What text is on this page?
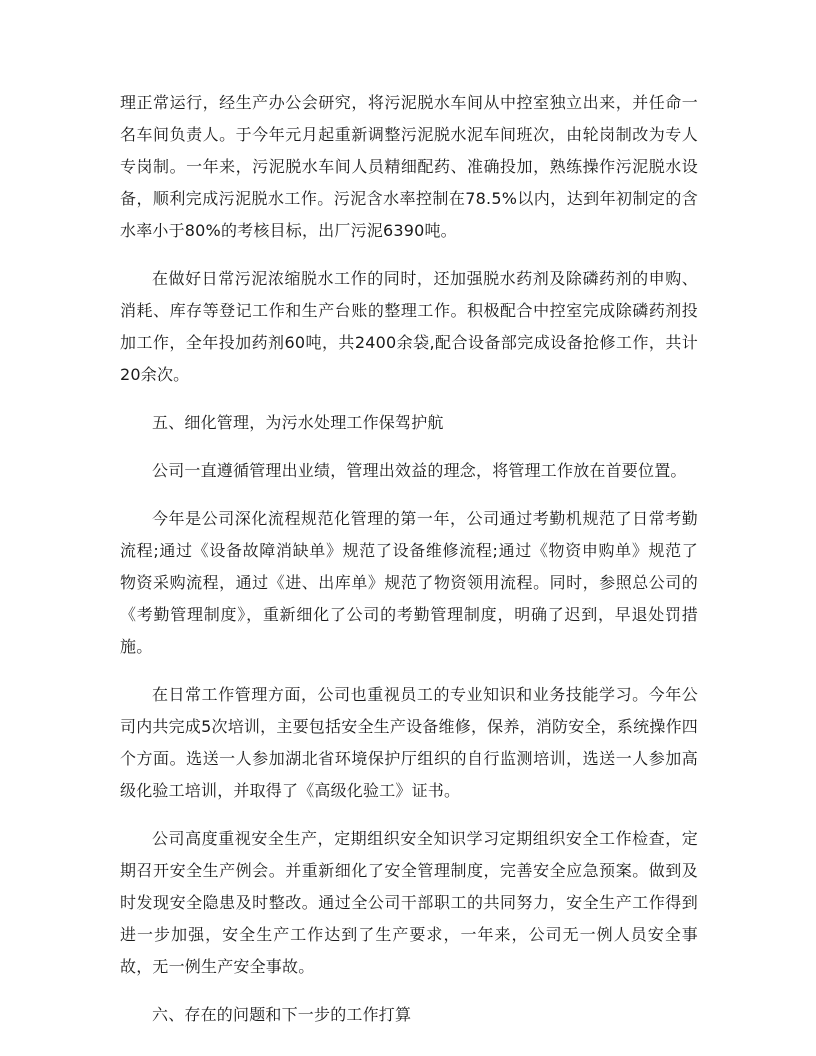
理正常运行，经生产办公会研究，将污泥脱水车间从中控室独立出来，并任命一名车间负责人。于今年元月起重新调整污泥脱水泥车间班次，由轮岗制改为专人专岗制。一年来，污泥脱水车间人员精细配药、准确投加，熟练操作污泥脱水设备，顺利完成污泥脱水工作。污泥含水率控制在78.5%以内，达到年初制定的含水率小于80%的考核目标，出厂污泥6390吨。

在做好日常污泥浓缩脱水工作的同时，还加强脱水药剂及除磷药剂的申购、消耗、库存等登记工作和生产台账的整理工作。积极配合中控室完成除磷药剂投加工作，全年投加药剂60吨，共2400余袋,配合设备部完成设备抢修工作，共计20余次。

五、细化管理，为污水处理工作保驾护航

公司一直遵循管理出业绩，管理出效益的理念，将管理工作放在首要位置。

今年是公司深化流程规范化管理的第一年，公司通过考勤机规范了日常考勤流程;通过《设备故障消缺单》规范了设备维修流程;通过《物资申购单》规范了物资采购流程，通过《进、出库单》规范了物资领用流程。同时，参照总公司的《考勤管理制度》，重新细化了公司的考勤管理制度，明确了迟到，早退处罚措施。

在日常工作管理方面，公司也重视员工的专业知识和业务技能学习。今年公司内共完成5次培训，主要包括安全生产设备维修，保养，消防安全，系统操作四个方面。选送一人参加湖北省环境保护厅组织的自行监测培训，选送一人参加高级化验工培训，并取得了《高级化验工》证书。

公司高度重视安全生产，定期组织安全知识学习定期组织安全工作检查，定期召开安全生产例会。并重新细化了安全管理制度，完善安全应急预案。做到及时发现安全隐患及时整改。通过全公司干部职工的共同努力，安全生产工作得到进一步加强，安全生产工作达到了生产要求，一年来，公司无一例人员安全事故，无一例生产安全事故。

六、存在的问题和下一步的工作打算
